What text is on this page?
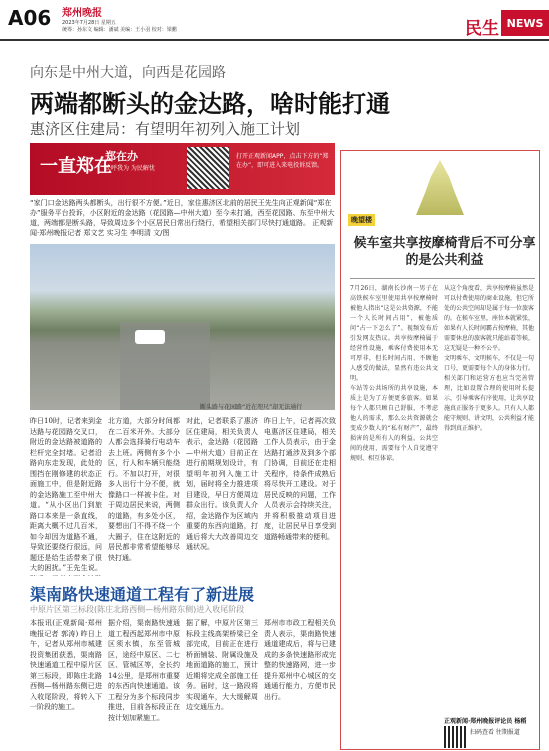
A06 郑州晚报
2023年7月28日 星期五
统筹：孙东文 编辑：潘斌 美编：王小羽 校对：梁鹏	民生 NEWS
向东是中州大道，向西是花园路
两端都断头的金达路，啥时能打通
惠济区住建局：有望明年初列入施工计划
一直郑在
郑在办
民呼我为 为民解忧
打开正观新闻APP，点击下方的“郑在办”，即可进入来电投诉反馈。
“家门口金达路两头都断头，出行很不方便。”近日，家住惠济区北前的居民王先生向正观新闻“郑在办”服务平台投诉，小区附近的金达路（花园路—中州大道）至今未打通，西至花园路、东至中州大道，两端都是断头路，导致周边多个小区居民日常出行绕行，希望相关部门尽快打通道路。 正观新闻·郑州晚报记者 郑文艺 实习生 李明清 文/图
断头路与花园路“近在咫尺”却无法通行
昨日10时，记者来到金达路与花园路交叉口，附近的金达路被道路的栏杆完全封堵。记者沿路向东走发现，此处的围挡在刚修建的状态正面施工中，但是附近路的金达路施工至中州大道。“从小区出门到旅路口本来是一条直线，距离大概不过几百米，如今却因为道路不通，导致还要绕行很远，问题还是给生活带来了很大的困扰。”王先生说。
北方道，大部分时间都在二百米开外。大部分人都会选择骑行电动车去上班。两侧有多个小区，行人和车辆只能绕行。不加以打开，对很多人出行十分不便，就像路口一样被卡住。对于周边居民来说，两侧的道路，有多处小区，要想出门不得不绕一个大圈子，住在这附近的居民都非常希望能够尽快打通。
对此，记者联系了惠济区住建局，相关负责人表示，金达路（花园路—中州大道）目前正在进行前期规划设计，有望明年初列入施工计划，届时将全力推进项目建设，早日方便周边群众出行。该负责人介绍，金达路作为区域内重要的东西向道路，打通后将大大改善周边交通状况。
昨日上午，记者再次致电惠济区住建局，相关工作人员表示，由于金达路打通涉及到多个部门协调，目前还在走相关程序，待条件成熟后将尽快开工建设。对于居民反映的问题，工作人员表示会持续关注，并将积极推动项目进度，让居民早日享受到道路畅通带来的便利。
渠南路快速通道工程有了新进展
中原片区第三标段(陈庄北路西侧—杨州路东侧)进入收尾阶段
本报讯(正观新闻·郑州晚报记者 郭涛) 昨日上午，记者从郑州市城建投资集团获悉，渠南路快速通道工程中原片区第三标段，即陈庄北路西侧—杨州路东侧已进入收尾阶段，将转入下一阶段的施工。
据介绍，渠南路快速通道工程西起郑州市中原区须水镇，东至管城区，途经中原区、二七区、管城区等，全长约14公里，是郑州市重要的东西向快速通道。该工程分为多个标段同步推进，目前各标段正在按计划加紧施工。
据了解，中原片区第三标段主线高架桥梁已全部完成，目前正在进行桥面铺装、附属设施及地面道路的施工，预计近期将完成全部施工任务。届时，这一路段将实现通车，大大缓解周边交通压力。
郑州市市政工程相关负责人表示，渠南路快速通道建成后，将与已建成的多条快速路形成完整的快速路网，进一步提升郑州中心城区的交通通行能力，方便市民出行。
晚望楼
候车室共享按摩椅背后不可分享的是公共利益
7月26日，湖南长沙南一男子在高铁候车室里使用共享按摩椅时被他人指出“这是公共资源，不能一个人长时间占用”，被他质问“占一下怎么了”。视频发布后引发网友热议。共享按摩椅属于经营性设施，乘客付费使用本无可厚非，但长时间占用、不顾他人感受的做法，显然有违公共文明。
车站等公共场所的共享设施，本质上是为了方便更多旅客。如果每个人都只顾自己舒服，不考虑他人的需求，那么公共资源就会变成少数人的“私有财产”，最终损害的是所有人的利益。公共空间的使用，需要每个人自觉遵守规则、相互体谅。
从这个角度看，共享按摩椅虽然是可以付费使用的商业设施，但它所处的公共空间却是属于每一位旅客的。在候车室里，座位本就紧张，如果有人长时间霸占按摩椅，其他需要休息的旅客就只能站着等候，这无疑是一种不公平。
文明乘车、文明候车，不仅是一句口号，更需要每个人的身体力行。相关部门和运营方也应当完善管理，比如设置合理的使用时长提示，引导乘客有序使用，让共享设施真正服务于更多人。只有人人都能守规则、讲文明，公共利益才能得到真正维护。
正观新闻·郑州晚报评论员 杨稻
扫码查看 往期报道
